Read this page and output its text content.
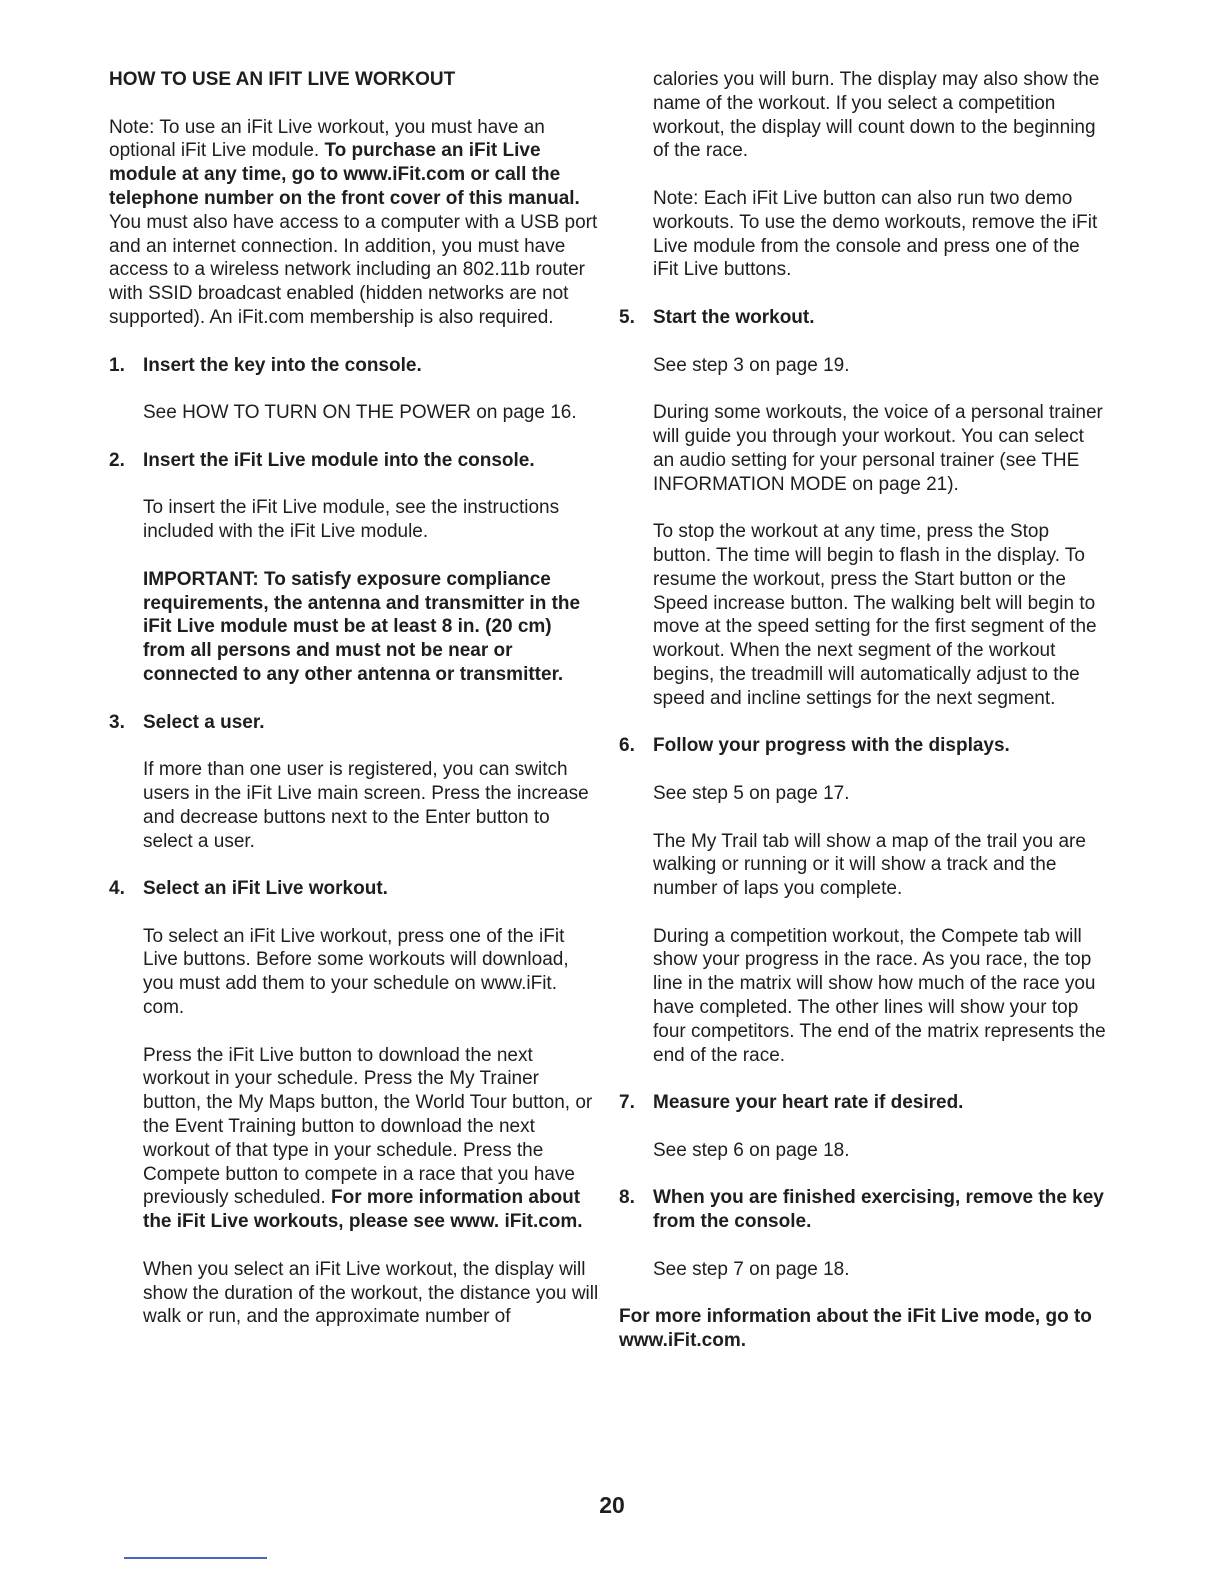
HOW TO USE AN IFIT LIVE WORKOUT

Note: To use an iFit Live workout, you must have an optional iFit Live module. To purchase an iFit Live module at any time, go to www.iFit.com or call the telephone number on the front cover of this manual. You must also have access to a computer with a USB port and an internet connection. In addition, you must have access to a wireless network including an 802.11b router with SSID broadcast enabled (hidden networks are not supported). An iFit.com membership is also required.

1. Insert the key into the console.

See HOW TO TURN ON THE POWER on page 16.

2. Insert the iFit Live module into the console.

To insert the iFit Live module, see the instructions included with the iFit Live module.

IMPORTANT: To satisfy exposure compliance requirements, the antenna and transmitter in the iFit Live module must be at least 8 in. (20 cm) from all persons and must not be near or connected to any other antenna or transmitter.

3. Select a user.

If more than one user is registered, you can switch users in the iFit Live main screen. Press the increase and decrease buttons next to the Enter button to select a user.

4. Select an iFit Live workout.

To select an iFit Live workout, press one of the iFit Live buttons. Before some workouts will download, you must add them to your schedule on www.iFit. com.

Press the iFit Live button to download the next workout in your schedule. Press the My Trainer button, the My Maps button, the World Tour button, or the Event Training button to download the next workout of that type in your schedule. Press the Compete button to compete in a race that you have previously scheduled. For more information about the iFit Live workouts, please see www. iFit.com.

When you select an iFit Live workout, the display will show the duration of the workout, the distance you will walk or run, and the approximate number of

calories you will burn. The display may also show the name of the workout. If you select a competition workout, the display will count down to the beginning of the race.

Note: Each iFit Live button can also run two demo workouts. To use the demo workouts, remove the iFit Live module from the console and press one of the iFit Live buttons.

5. Start the workout.

See step 3 on page 19.

During some workouts, the voice of a personal trainer will guide you through your workout. You can select an audio setting for your personal trainer (see THE INFORMATION MODE on page 21).

To stop the workout at any time, press the Stop button. The time will begin to flash in the display. To resume the workout, press the Start button or the Speed increase button. The walking belt will begin to move at the speed setting for the first segment of the workout. When the next segment of the workout begins, the treadmill will automatically adjust to the speed and incline settings for the next segment.

6. Follow your progress with the displays.

See step 5 on page 17.

The My Trail tab will show a map of the trail you are walking or running or it will show a track and the number of laps you complete.

During a competition workout, the Compete tab will show your progress in the race. As you race, the top line in the matrix will show how much of the race you have completed. The other lines will show your top four competitors. The end of the matrix represents the end of the race.

7. Measure your heart rate if desired.

See step 6 on page 18.

8. When you are finished exercising, remove the key from the console.

See step 7 on page 18.

For more information about the iFit Live mode, go to www.iFit.com.

20
